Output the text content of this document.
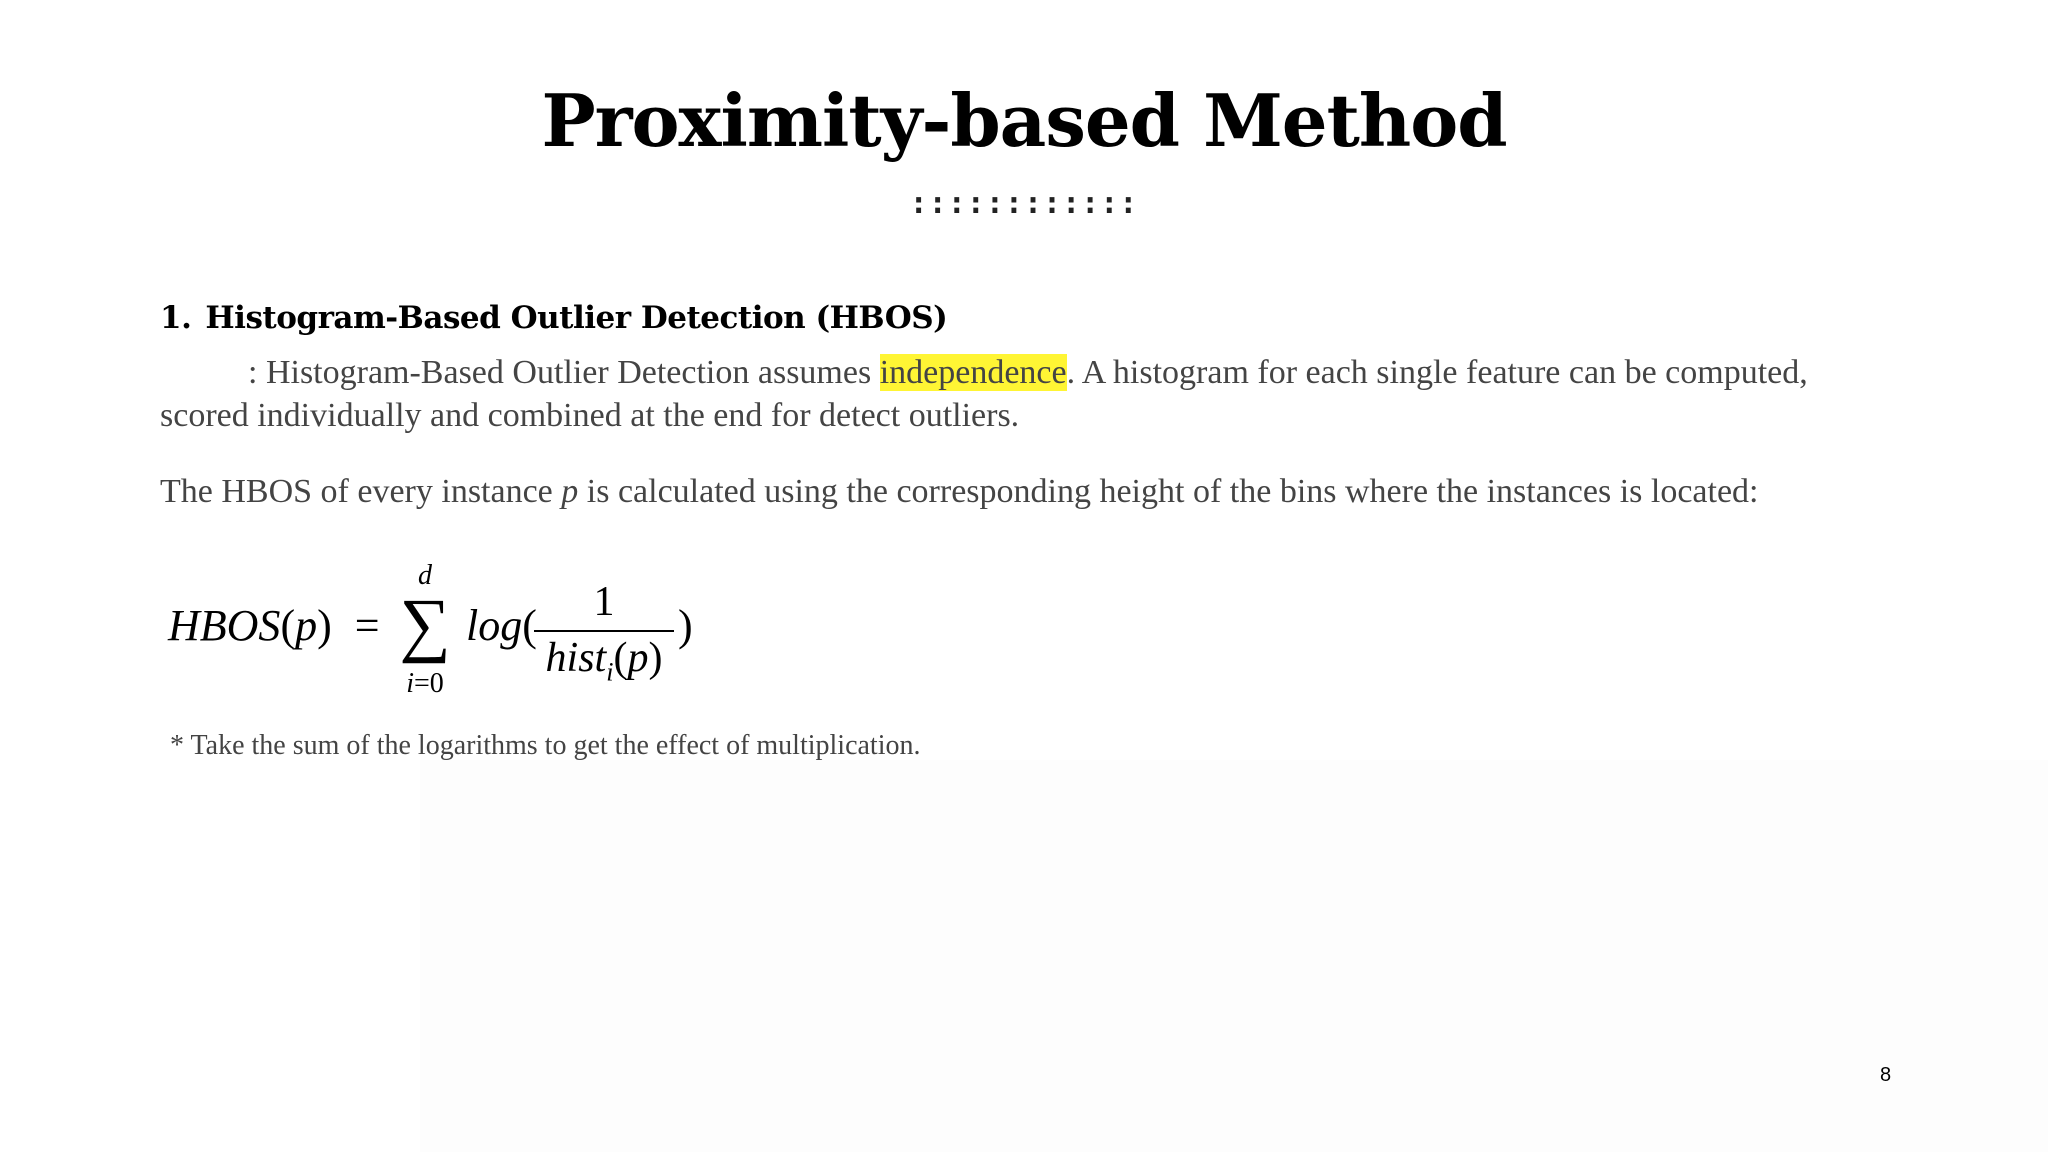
Proximity-based Method
::::::::::::
1. Histogram-Based Outlier Detection (HBOS)
: Histogram-Based Outlier Detection assumes independence. A histogram for each single feature can be computed, scored individually and combined at the end for detect outliers.
The HBOS of every instance p is calculated using the corresponding height of the bins where the instances is located:
HBOS(p) =
d
∑
i=0
log(	1
hist$_i$(p)
)
* Take the sum of the logarithms to get the effect of multiplication.
8
